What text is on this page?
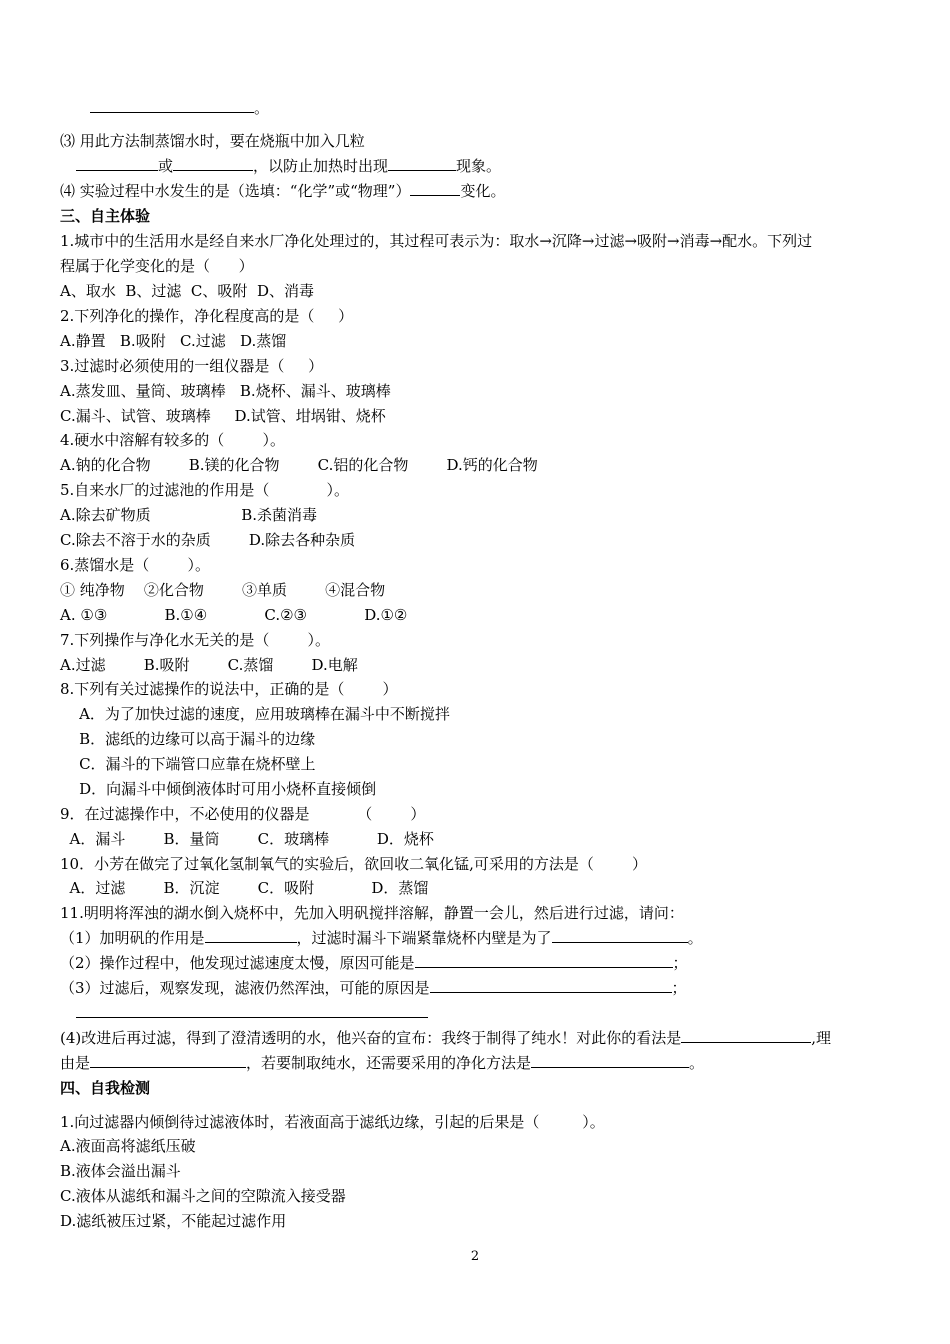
。
⑶ 用此方法制蒸馏水时，要在烧瓶中加入几粒
或	，以防止加热时出现	现象。
⑷ 实验过程中水发生的是（选填：“化学”或“物理”）	变化。
三、自主体验
1.城市中的生活用水是经自来水厂净化处理过的，其过程可表示为：取水→沉降→过滤→吸附→消毒→配水。下列过
程属于化学变化的是（      ）
A、取水  B、过滤  C、吸附  D、消毒
2.下列净化的操作，净化程度高的是（     ）
A.静置   B.吸附   C.过滤   D.蒸馏
3.过滤时必须使用的一组仪器是（     ）
A.蒸发皿、量筒、玻璃棒   B.烧杯、漏斗、玻璃棒
C.漏斗、试管、玻璃棒     D.试管、坩埚钳、烧杯
4.硬水中溶解有较多的（        ）。
A.钠的化合物        B.镁的化合物        C.铝的化合物        D.钙的化合物
5.自来水厂的过滤池的作用是（            ）。
A.除去矿物质                   B.杀菌消毒
C.除去不溶于水的杂质        D.除去各种杂质
6.蒸馏水是（        ）。
① 纯净物    ②化合物        ③单质        ④混合物
A. ①③            B.①④            C.②③            D.①②
7.下列操作与净化水无关的是（        ）。
A.过滤        B.吸附        C.蒸馏        D.电解
8.下列有关过滤操作的说法中，正确的是（        ）
A．为了加快过滤的速度，应用玻璃棒在漏斗中不断搅拌
B．滤纸的边缘可以高于漏斗的边缘
C．漏斗的下端管口应靠在烧杯壁上
D．向漏斗中倾倒液体时可用小烧杯直接倾倒
9．在过滤操作中，不必使用的仪器是          （        ）
A．漏斗        B．量筒        C．玻璃棒          D．烧杯
10．小芳在做完了过氧化氢制氧气的实验后，欲回收二氧化锰,可采用的方法是（        ）
A．过滤        B．沉淀        C．吸附            D．蒸馏
11.明明将浑浊的湖水倒入烧杯中，先加入明矾搅拌溶解，静置一会儿，然后进行过滤，请问：
（1）加明矾的作用是	，过滤时漏斗下端紧靠烧杯内壁是为了	。
（2）操作过程中，他发现过滤速度太慢，原因可能是	；
（3）过滤后，观察发现，滤液仍然浑浊，可能的原因是	；
(4)改进后再过滤，得到了澄清透明的水，他兴奋的宣布：我终于制得了纯水！对此你的看法是	,理
由是	，若要制取纯水，还需要采用的净化方法是	。
四、自我检测
1.向过滤器内倾倒待过滤液体时，若液面高于滤纸边缘，引起的后果是（         ）。
A.液面高将滤纸压破
B.液体会溢出漏斗
C.液体从滤纸和漏斗之间的空隙流入接受器
D.滤纸被压过紧，不能起过滤作用
2
